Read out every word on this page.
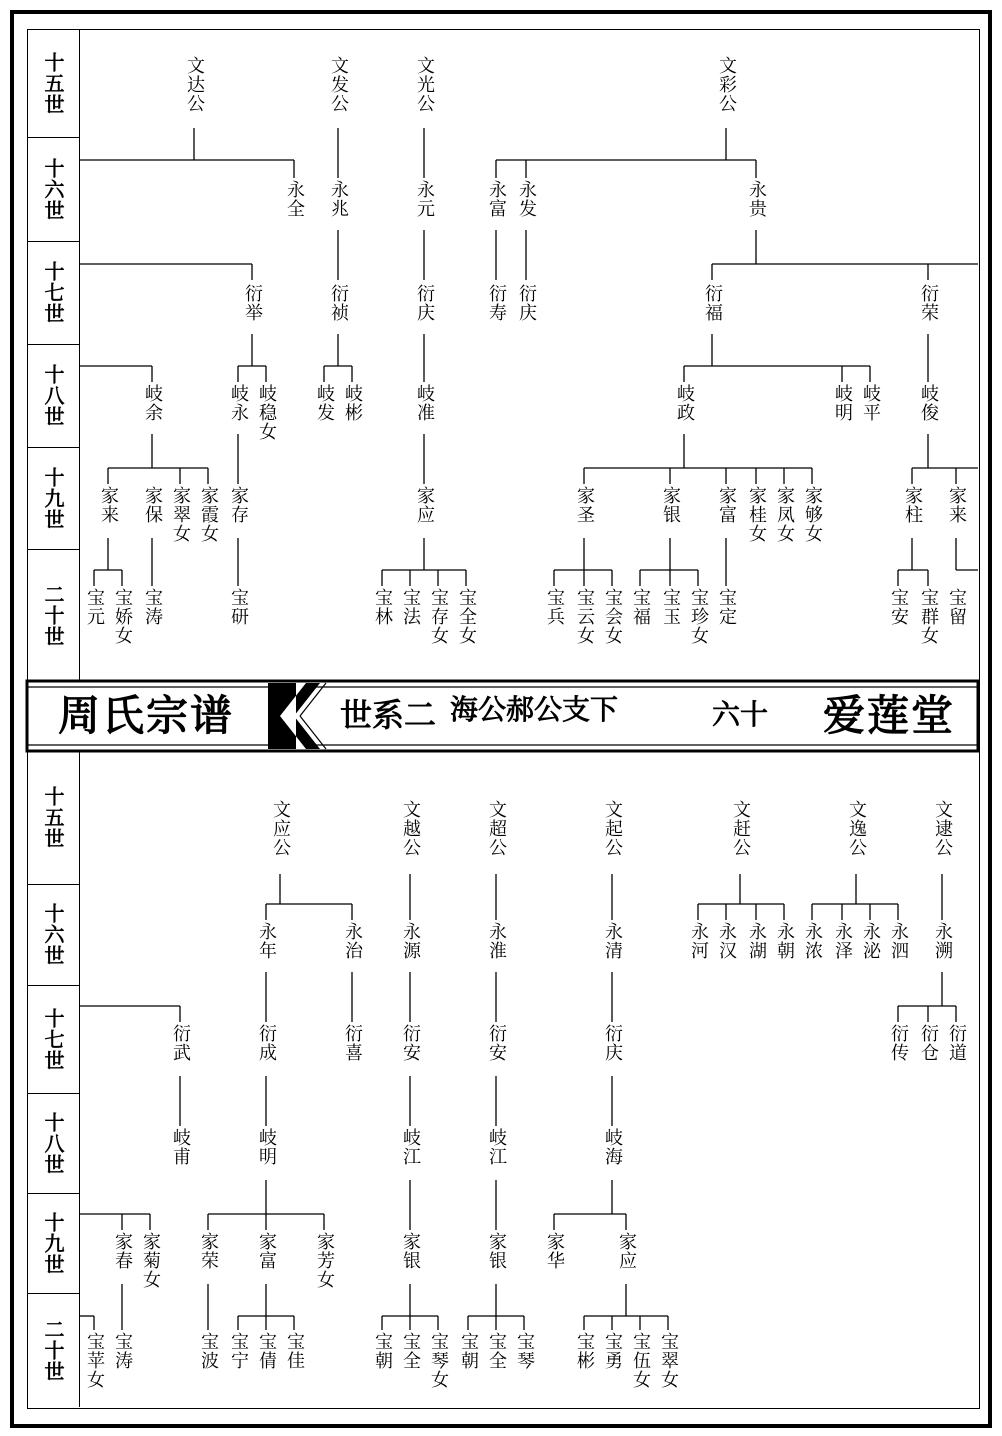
十五世
十六世
十七世
十八世
十九世
二十世
十五世
十六世
十七世
十八世
十九世
二十世
周氏宗谱	世系二 海公郝公支下	六十 爱莲堂
文达公	文发公	文光公	文彩公
永全 永兆	永元	永富 永发	永贵
衍举	衍祯	衍庆	衍寿 衍庆	衍福	衍荣
岐余	岐永 岐稳女 岐发 岐彬	岐准	岐政	岐明 岐平 岐俊
家来 家保 家翠女 家霞女 家存	家应	家圣	家银 家富 家桂女 家凤女 家够女	家柱 家来
宝元 宝娇女 宝涛	宝研	宝林 宝法 宝存女 宝全女	宝兵 宝云女 宝会女 宝福 宝玉 宝珍女 宝定	宝安 宝群女 宝留
文应公	文越公	文超公	文起公	文赶公	文逸公	文逮公
永年	永治 永源	永淮	永清	永河 永汉 永湖 永朝 永浓 永泽 永泌 永泗 永溯
衍武	衍成	衍喜 衍安	衍安	衍庆	衍传 衍仓 衍道
岐甫	岐明	岐江	岐江	岐海
家春 家菊女 家荣 家富 家芳女	家银	家银 家华	家应
宝苹女 宝涛	宝波 宝宁 宝倩 宝佳	宝朝 宝全 宝琴女 宝朝 宝全 宝琴 宝彬 宝勇 宝伍女 宝翠女
